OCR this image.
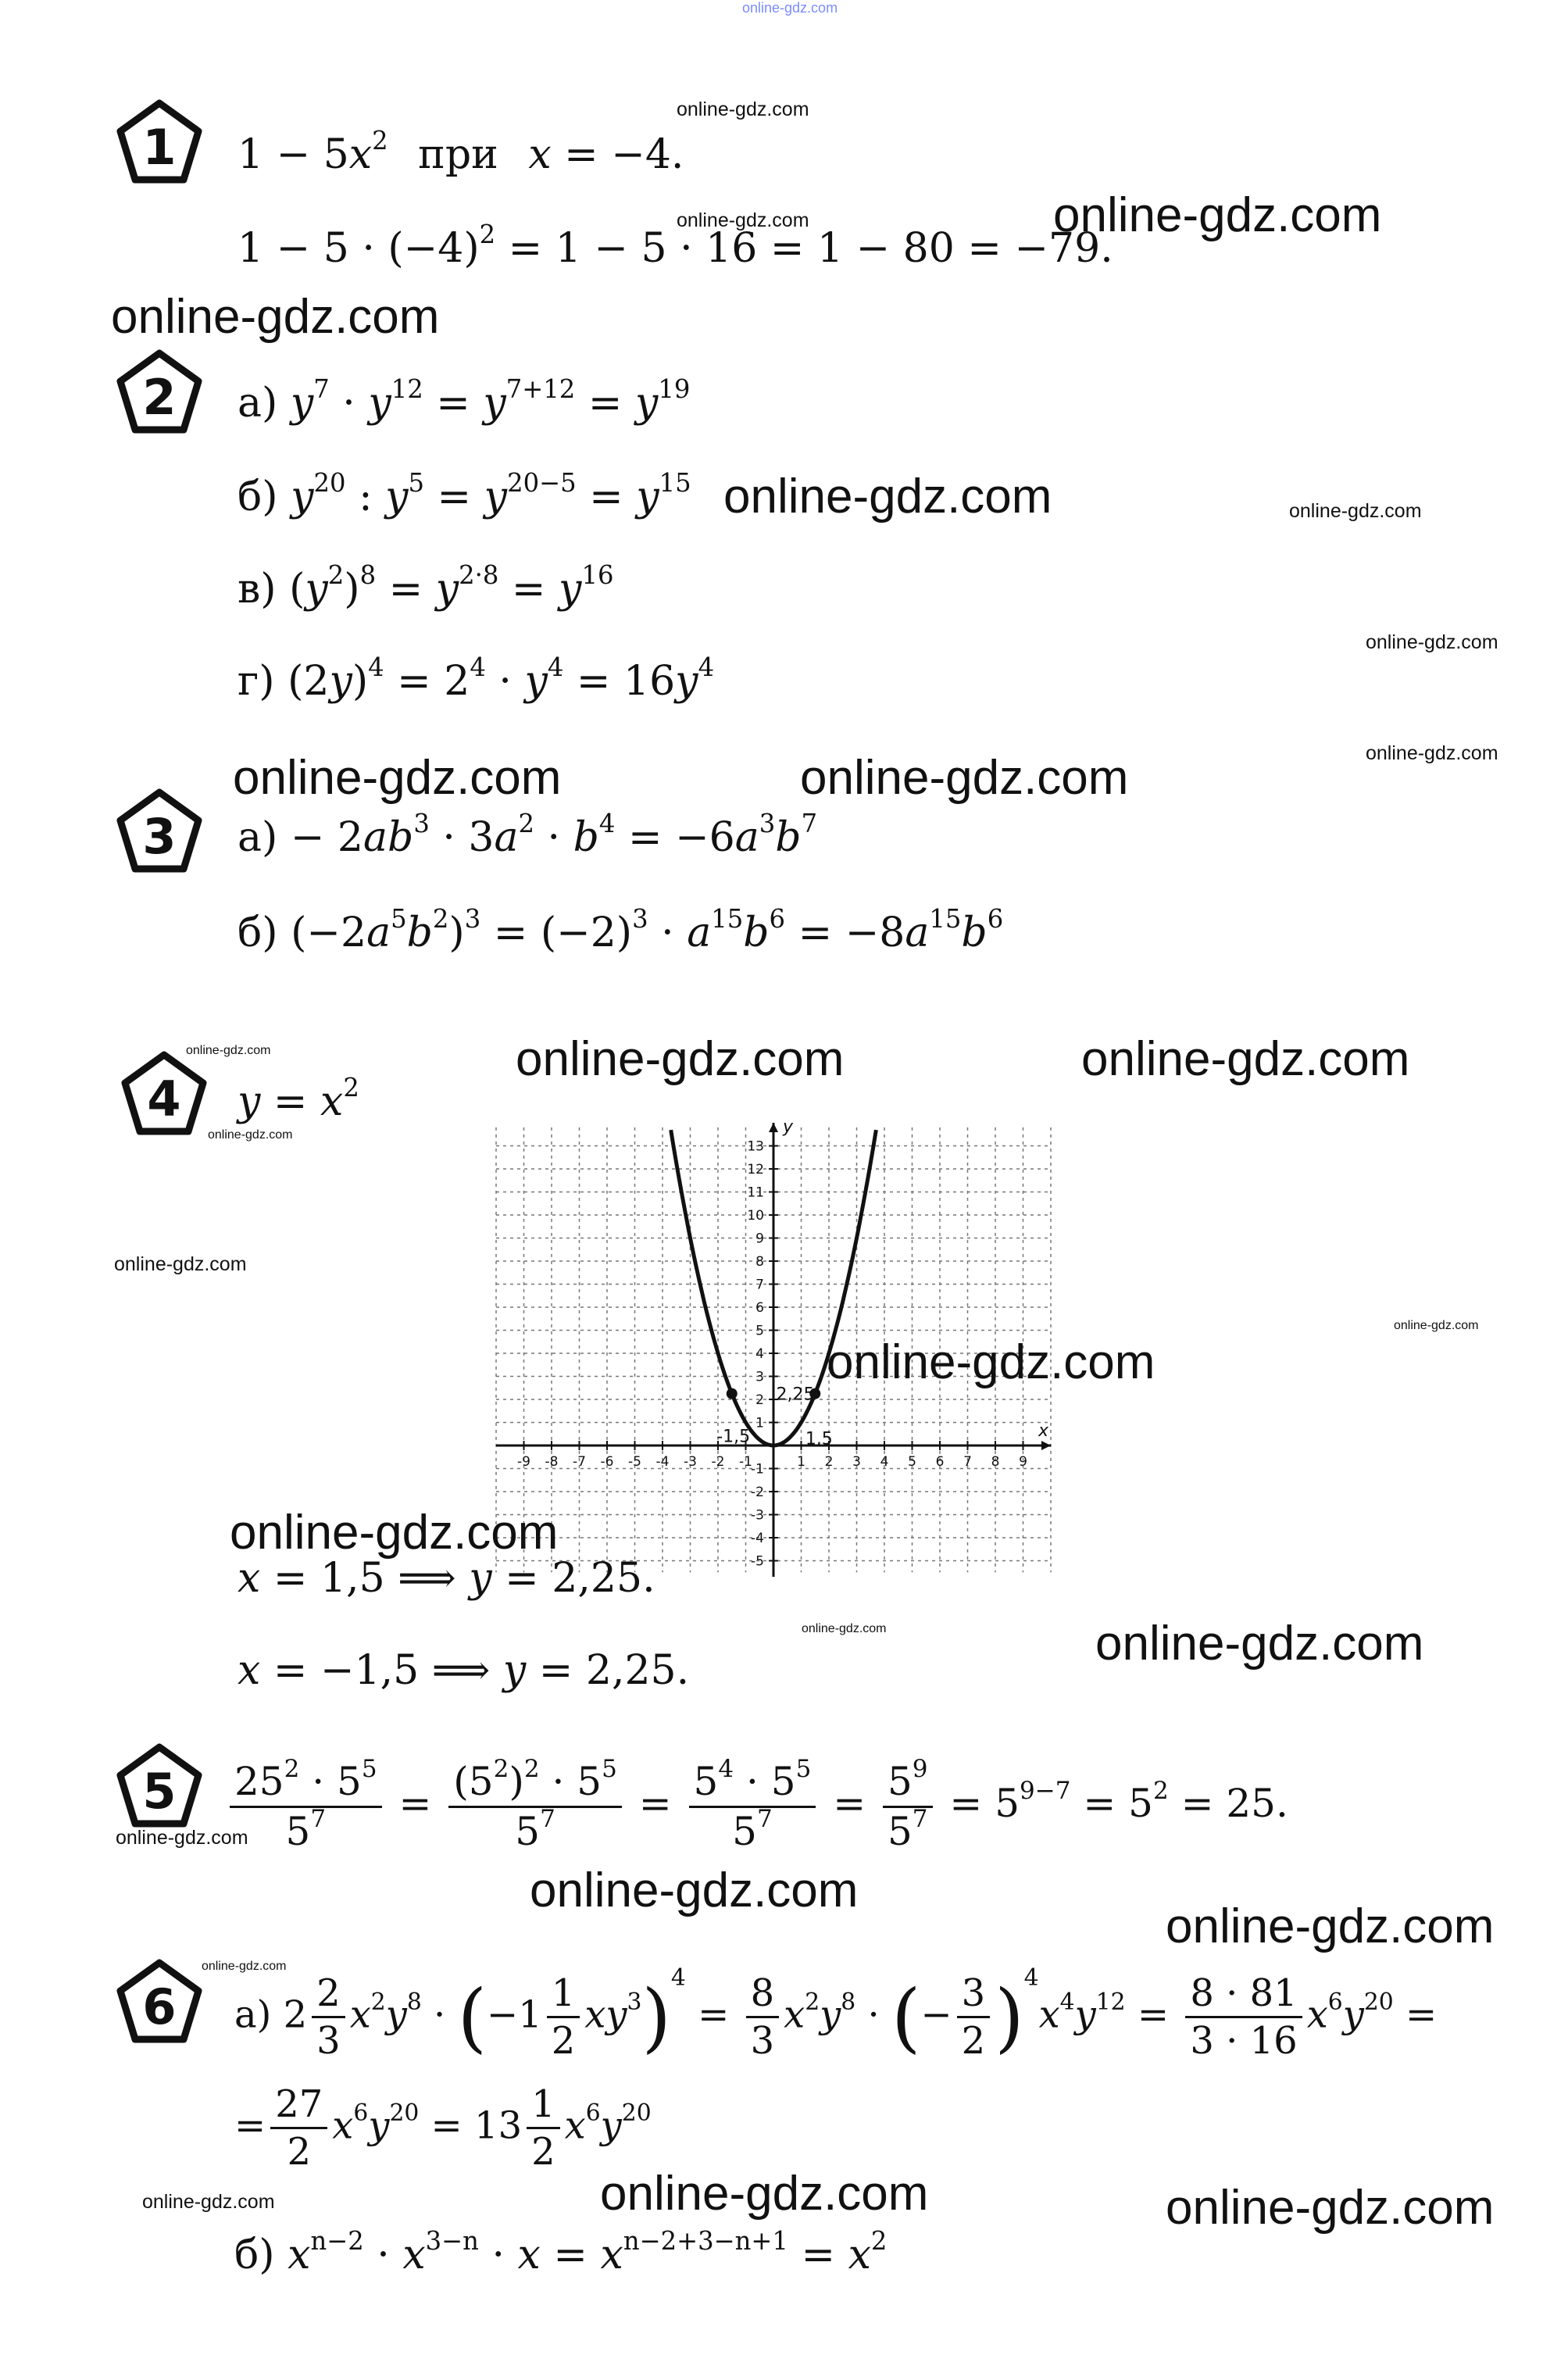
online-gdz.com
1 $1 - 5x^2$ при x = −4.
$1 - 5 \cdot (-4)^2 = 1 - 5 \cdot 16 = 1 - 80 = -79$.
2 а) $y^7 \cdot y^{12} = y^{7+12} = y^{19}$
б) $y^{20}$ : $y^5 = y^{20-5} = y^{15}$
в) $(y^2)^8 = y^{2\cdot 8} = y^{16}$
г) $(2y)^4 = 2^4 \cdot y^4 = 16y^4$
3 $а) - 2ab^3 \cdot 3a^2 \cdot b^4 = -6a^3b^7$
б) $(-2a^5b^2)^3 = (-2)^3 \cdot a^{15}b^6 = -8a^{15}b^6$
4 $y = x^2$
-9 -8 -7 -6 -5 -4 -3 -2 -1	1 2 3 4 5 6 7 8 9
13
12
11
10
9
8
7
6
5
4
3
2
1
-1
-2
-3
-4
-5
2,25
-1,5	1,5	x
y
x = 1,5 ⟹ y = 2,25.
x = −1,5 ⟹ y = 2,25.
$5 \frac{25^2 \cdot 5^5}{5^7} = \frac{(5^2)^2 \cdot 5^5}{5^7} = \frac{5^4 \cdot 5^5}{5^7} = \frac{5^9}{5^7} = 5^{9-7} = 5^2 = 25$.
6 а) $2 \frac{2}{3} x^2y^8 \cdot (-1 \frac{1}{2} xy^3)^4 = \frac{8}{3} x^2y^8$ · (− $\frac{3}{2} )^4x^4y^{12} = \frac{8 \cdot 81}{3 \cdot 16} x^6y^{20}$ =
= $\frac{27}{2} x^6y^{20} = 13 \frac{1}{2} x^6y^{20}$
б) $x^{n-2} \cdot x^{3-n} \cdot x = x^{n-2+3-n+1} = x^2$
online-gdz.com
online-gdz.com	online-gdz.com
online-gdz.com
online-gdz.com	online-gdz.com
online-gdz.com
online-gdz.com
online-gdz.com	online-gdz.com
online-gdz.com
online-gdz.com
online-gdz.com	online-gdz.com
online-gdz.com
online-gdz.com
online-gdz.com
online-gdz.com
online-gdz.com	online-gdz.com
online-gdz.com
online-gdz.com
online-gdz.com
online-gdz.com
online-gdz.com
online-gdz.com	online-gdz.com
